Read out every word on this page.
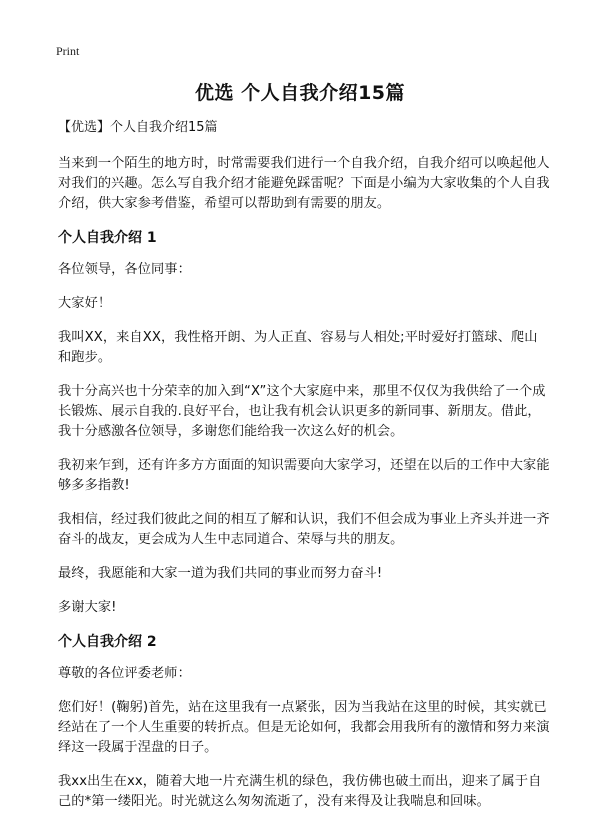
Print
优选 个人自我介绍15篇
【优选】个人自我介绍15篇

当来到一个陌生的地方时，时常需要我们进行一个自我介绍，自我介绍可以唤起他人对我们的兴趣。怎么写自我介绍才能避免踩雷呢？下面是小编为大家收集的个人自我介绍，供大家参考借鉴，希望可以帮助到有需要的朋友。

个人自我介绍 1

各位领导，各位同事：

大家好！

我叫XX，来自XX，我性格开朗、为人正直、容易与人相处;平时爱好打篮球、爬山和跑步。

我十分高兴也十分荣幸的加入到“X”这个大家庭中来，那里不仅仅为我供给了一个成长锻炼、展示自我的.良好平台，也让我有机会认识更多的新同事、新朋友。借此，我十分感激各位领导，多谢您们能给我一次这么好的机会。

我初来乍到，还有许多方方面面的知识需要向大家学习，还望在以后的工作中大家能够多多指教!

我相信，经过我们彼此之间的相互了解和认识，我们不但会成为事业上齐头并进一齐奋斗的战友，更会成为人生中志同道合、荣辱与共的朋友。

最终，我愿能和大家一道为我们共同的事业而努力奋斗!

多谢大家!

个人自我介绍 2

尊敬的各位评委老师：

您们好！(鞠躬)首先，站在这里我有一点紧张，因为当我站在这里的时候，其实就已经站在了一个人生重要的转折点。但是无论如何，我都会用我所有的激情和努力来演绎这一段属于涅盘的日子。

我xx出生在xx，随着大地一片充满生机的绿色，我仿佛也破土而出，迎来了属于自己的*第一缕阳光。时光就这么匆匆流逝了，没有来得及让我喘息和回味。
